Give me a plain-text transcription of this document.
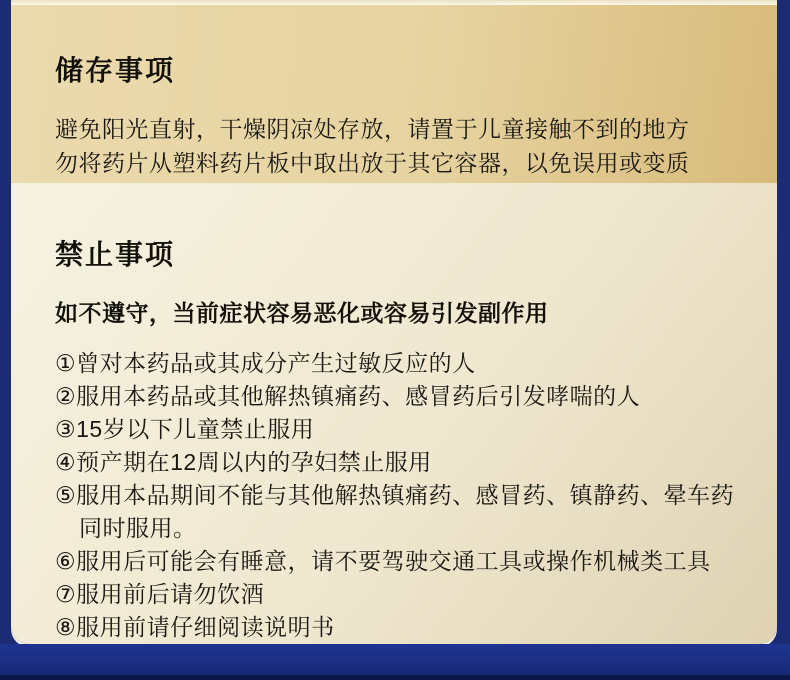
储存事项
避免阳光直射，干燥阴凉处存放，请置于儿童接触不到的地方
勿将药片从塑料药片板中取出放于其它容器，以免误用或变质
禁止事项
如不遵守，当前症状容易恶化或容易引发副作用
①曾对本药品或其成分产生过敏反应的人
②服用本药品或其他解热镇痛药、感冒药后引发哮喘的人
③15岁以下儿童禁止服用
④预产期在12周以内的孕妇禁止服用
⑤服用本品期间不能与其他解热镇痛药、感冒药、镇静药、晕车药同时服用。
⑥服用后可能会有睡意，请不要驾驶交通工具或操作机械类工具
⑦服用前后请勿饮酒
⑧服用前请仔细阅读说明书
